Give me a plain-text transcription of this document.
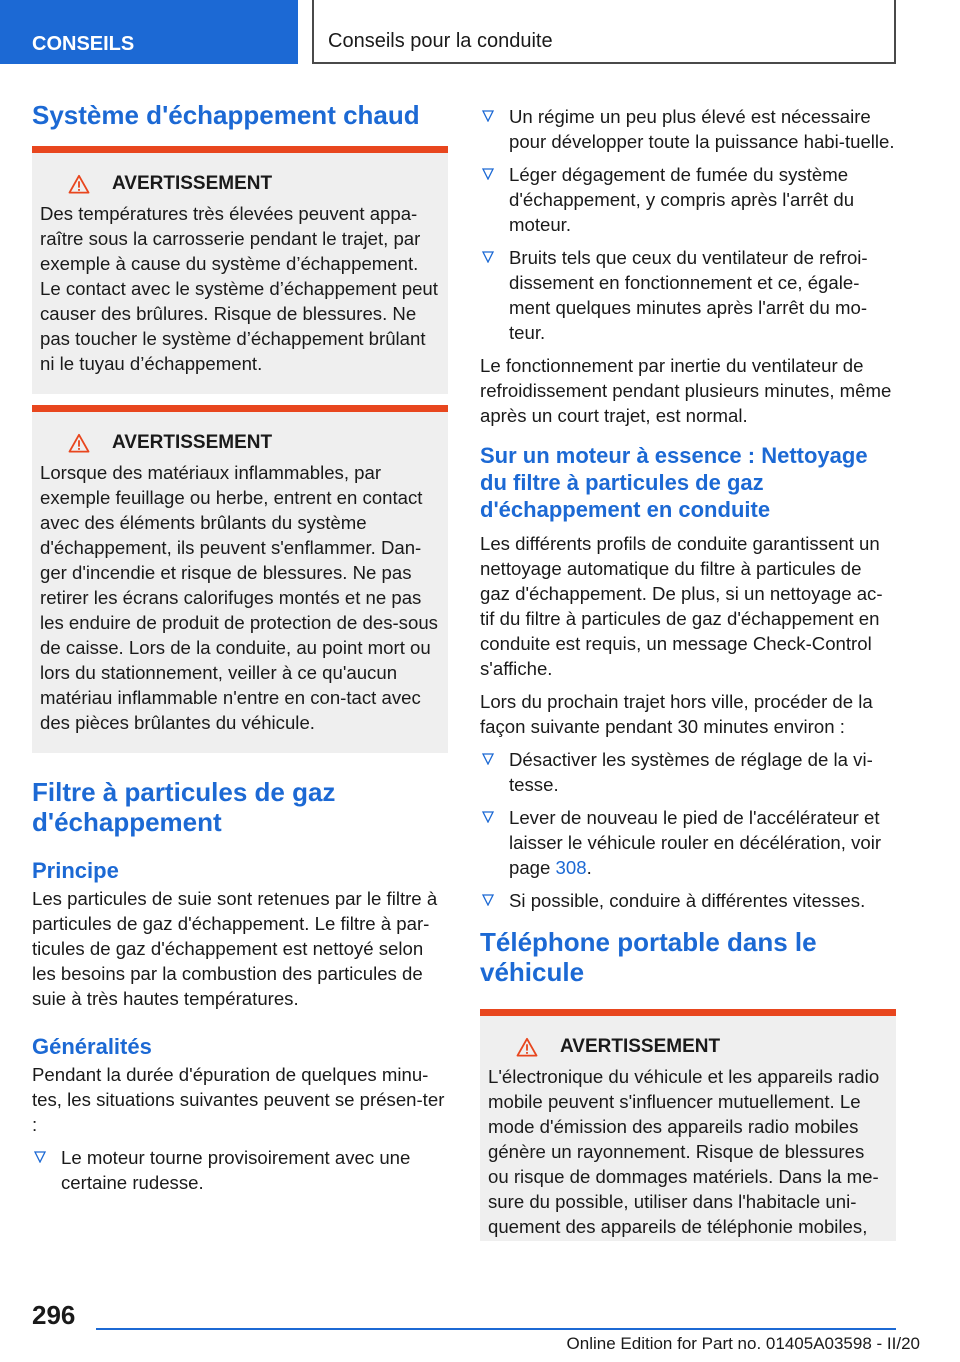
CONSEILS	Conseils pour la conduite
Système d'échappement chaud
AVERTISSEMENT
Des températures très élevées peuvent appa-raître sous la carrosserie pendant le trajet, par exemple à cause du système d’échappement. Le contact avec le système d’échappement peut causer des brûlures. Risque de blessures. Ne pas toucher le système d’échappement brûlant ni le tuyau d’échappement.
AVERTISSEMENT
Lorsque des matériaux inflammables, par exemple feuillage ou herbe, entrent en contact avec des éléments brûlants du système d'échappement, ils peuvent s'enflammer. Dan-ger d'incendie et risque de blessures. Ne pas retirer les écrans calorifuges montés et ne pas les enduire de produit de protection de des-sous de caisse. Lors de la conduite, au point mort ou lors du stationnement, veiller à ce qu'aucun matériau inflammable n'entre en con-tact avec des pièces brûlantes du véhicule.
Filtre à particules de gaz d'échappement
Principe
Les particules de suie sont retenues par le filtre à particules de gaz d'échappement. Le filtre à par-ticules de gaz d'échappement est nettoyé selon les besoins par la combustion des particules de suie à très hautes températures.
Généralités
Pendant la durée d'épuration de quelques minu-tes, les situations suivantes peuvent se présen-ter :
Le moteur tourne provisoirement avec une certaine rudesse.
Un régime un peu plus élevé est nécessaire pour développer toute la puissance habi-tuelle.
Léger dégagement de fumée du système d'échappement, y compris après l'arrêt du moteur.
Bruits tels que ceux du ventilateur de refroi-dissement en fonctionnement et ce, égale-ment quelques minutes après l'arrêt du mo-teur.
Le fonctionnement par inertie du ventilateur de refroidissement pendant plusieurs minutes, même après un court trajet, est normal.
Sur un moteur à essence : Nettoyage du filtre à particules de gaz d'échappement en conduite
Les différents profils de conduite garantissent un nettoyage automatique du filtre à particules de gaz d'échappement. De plus, si un nettoyage ac-tif du filtre à particules de gaz d'échappement en conduite est requis, un message Check-Control s'affiche.
Lors du prochain trajet hors ville, procéder de la façon suivante pendant 30 minutes environ :
Désactiver les systèmes de réglage de la vi-tesse.
Lever de nouveau le pied de l'accélérateur et laisser le véhicule rouler en décélération, voir page 308.
Si possible, conduire à différentes vitesses.
Téléphone portable dans le véhicule
AVERTISSEMENT
L'électronique du véhicule et les appareils radio mobile peuvent s'influencer mutuellement. Le mode d'émission des appareils radio mobiles génère un rayonnement. Risque de blessures ou risque de dommages matériels. Dans la me-sure du possible, utiliser dans l'habitacle uni-quement des appareils de téléphonie mobiles,
296
Online Edition for Part no. 01405A03598 - II/20
